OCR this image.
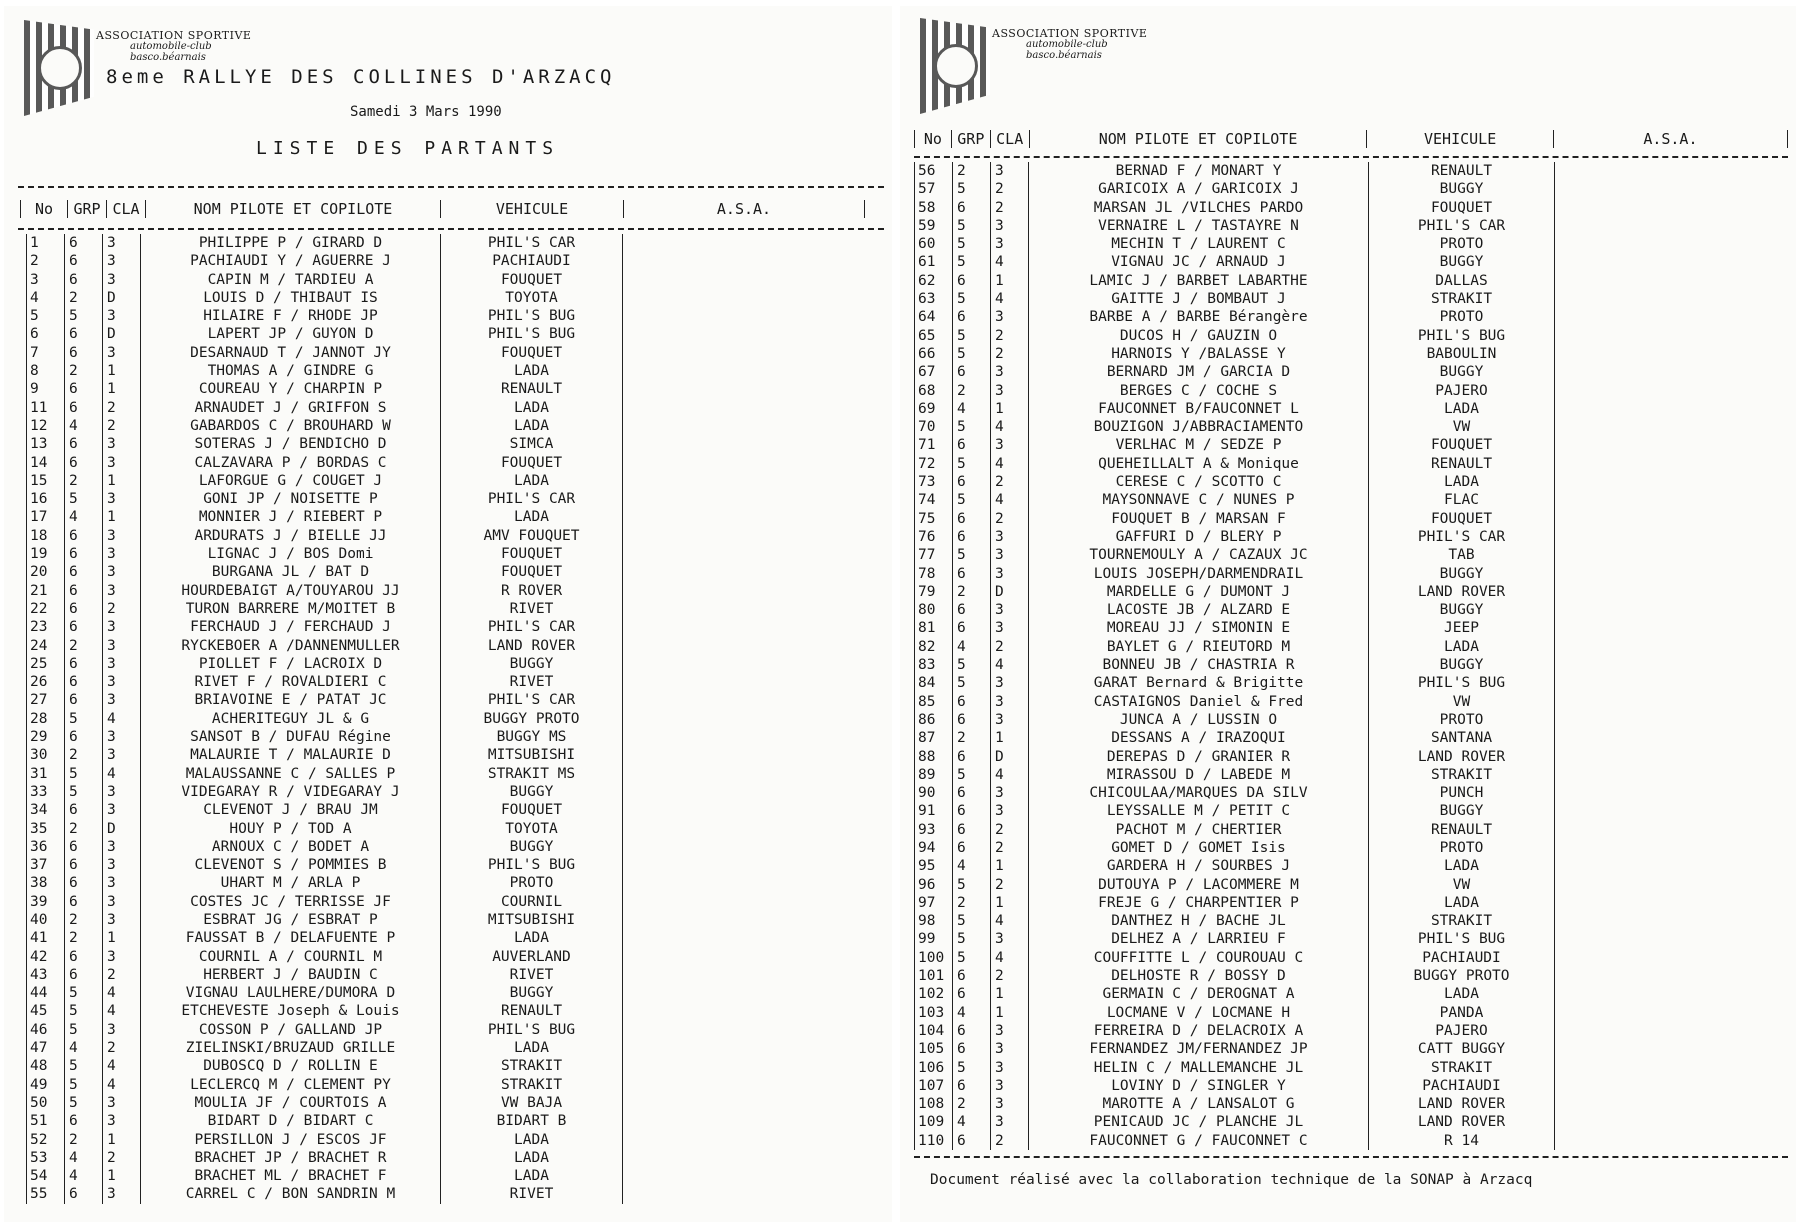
ASSOCIATION SPORTIVE
automobile-club
basco.béarnais
8eme RALLYE DES COLLINES D'ARZACQ
Samedi 3 Mars 1990
LISTE DES PARTANTS
No	GRP CLA	NOM PILOTE ET COPILOTE	VEHICULE	A.S.A.
1	6	3	PHILIPPE P / GIRARD D	PHIL'S CAR	
2	6	3	PACHIAUDI Y / AGUERRE J	PACHIAUDI	
3	6	3	CAPIN M / TARDIEU A	FOUQUET	
4	2	D	LOUIS D / THIBAUT IS	TOYOTA	
5	5	3	HILAIRE F / RHODE JP	PHIL'S BUG	
6	6	D	LAPERT JP / GUYON D	PHIL'S BUG	
7	6	3	DESARNAUD T / JANNOT JY	FOUQUET	
8	2	1	THOMAS A / GINDRE G	LADA	
9	6	1	COUREAU Y / CHARPIN P	RENAULT	
11	6	2	ARNAUDET J / GRIFFON S	LADA	
12	4	2	GABARDOS C / BROUHARD W	LADA	
13	6	3	SOTERAS J / BENDICHO D	SIMCA	
14	6	3	CALZAVARA P / BORDAS C	FOUQUET	
15	2	1	LAFORGUE G / COUGET J	LADA	
16	5	3	GONI JP / NOISETTE P	PHIL'S CAR	
17	4	1	MONNIER J / RIEBERT P	LADA	
18	6	3	ARDURATS J / BIELLE JJ	AMV FOUQUET	
19	6	3	LIGNAC J / BOS Domi	FOUQUET	
20	6	3	BURGANA JL / BAT D	FOUQUET	
21	6	3	HOURDEBAIGT A/TOUYAROU JJ	R ROVER	
22	6	2	TURON BARRERE M/MOITET B	RIVET	
23	6	3	FERCHAUD J / FERCHAUD J	PHIL'S CAR	
24	2	3	RYCKEBOER A /DANNENMULLER	LAND ROVER	
25	6	3	PIOLLET F / LACROIX D	BUGGY	
26	6	3	RIVET F / ROVALDIERI C	RIVET	
27	6	3	BRIAVOINE E / PATAT JC	PHIL'S CAR	
28	5	4	ACHERITEGUY JL & G	BUGGY PROTO	
29	6	3	SANSOT B / DUFAU Régine	BUGGY MS	
30	2	3	MALAURIE T / MALAURIE D	MITSUBISHI	
31	5	4	MALAUSSANNE C / SALLES P	STRAKIT MS	
33	5	3	VIDEGARAY R / VIDEGARAY J	BUGGY	
34	6	3	CLEVENOT J / BRAU JM	FOUQUET	
35	2	D	HOUY P / TOD A	TOYOTA	
36	6	3	ARNOUX C / BODET A	BUGGY	
37	6	3	CLEVENOT S / POMMIES B	PHIL'S BUG	
38	6	3	UHART M / ARLA P	PROTO	
39	6	3	COSTES JC / TERRISSE JF	COURNIL	
40	2	3	ESBRAT JG / ESBRAT P	MITSUBISHI	
41	2	1	FAUSSAT B / DELAFUENTE P	LADA	
42	6	3	COURNIL A / COURNIL M	AUVERLAND	
43	6	2	HERBERT J / BAUDIN C	RIVET	
44	5	4	VIGNAU LAULHERE/DUMORA D	BUGGY	
45	5	4	ETCHEVESTE Joseph & Louis	RENAULT	
46	5	3	COSSON P / GALLAND JP	PHIL'S BUG	
47	4	2	ZIELINSKI/BRUZAUD GRILLE	LADA	
48	5	4	DUBOSCQ D / ROLLIN E	STRAKIT	
49	5	4	LECLERCQ M / CLEMENT PY	STRAKIT	
50	5	3	MOULIA JF / COURTOIS A	VW BAJA	
51	6	3	BIDART D / BIDART C	BIDART B	
52	2	1	PERSILLON J / ESCOS JF	LADA	
53	4	2	BRACHET JP / BRACHET R	LADA	
54	4	1	BRACHET ML / BRACHET F	LADA	
55	6	3	CARREL C / BON SANDRIN M	RIVET	
ASSOCIATION SPORTIVE
automobile-club
basco.béarnais
No	GRP CLA	NOM PILOTE ET COPILOTE	VEHICULE	A.S.A.
56	2	3	BERNAD F / MONART Y	RENAULT	
57	5	2	GARICOIX A / GARICOIX J	BUGGY	
58	6	2	MARSAN JL /VILCHES PARDO	FOUQUET	
59	5	3	VERNAIRE L / TASTAYRE N	PHIL'S CAR	
60	5	3	MECHIN T / LAURENT C	PROTO	
61	5	4	VIGNAU JC / ARNAUD J	BUGGY	
62	6	1	LAMIC J / BARBET LABARTHE	DALLAS	
63	5	4	GAITTE J / BOMBAUT J	STRAKIT	
64	6	3	BARBE A / BARBE Bérangère	PROTO	
65	5	2	DUCOS H / GAUZIN O	PHIL'S BUG	
66	5	2	HARNOIS Y /BALASSE Y	BABOULIN	
67	6	3	BERNARD JM / GARCIA D	BUGGY	
68	2	3	BERGES C / COCHE S	PAJERO	
69	4	1	FAUCONNET B/FAUCONNET L	LADA	
70	5	4	BOUZIGON J/ABBRACIAMENTO	VW	
71	6	3	VERLHAC M / SEDZE P	FOUQUET	
72	5	4	QUEHEILLALT A & Monique	RENAULT	
73	6	2	CERESE C / SCOTTO C	LADA	
74	5	4	MAYSONNAVE C / NUNES P	FLAC	
75	6	2	FOUQUET B / MARSAN F	FOUQUET	
76	6	3	GAFFURI D / BLERY P	PHIL'S CAR	
77	5	3	TOURNEMOULY A / CAZAUX JC	TAB	
78	6	3	LOUIS JOSEPH/DARMENDRAIL	BUGGY	
79	2	D	MARDELLE G / DUMONT J	LAND ROVER	
80	6	3	LACOSTE JB / ALZARD E	BUGGY	
81	6	3	MOREAU JJ / SIMONIN E	JEEP	
82	4	2	BAYLET G / RIEUTORD M	LADA	
83	5	4	BONNEU JB / CHASTRIA R	BUGGY	
84	5	3	GARAT Bernard & Brigitte	PHIL'S BUG	
85	6	3	CASTAIGNOS Daniel & Fred	VW	
86	6	3	JUNCA A / LUSSIN O	PROTO	
87	2	1	DESSANS A / IRAZOQUI	SANTANA	
88	6	D	DEREPAS D / GRANIER R	LAND ROVER	
89	5	4	MIRASSOU D / LABEDE M	STRAKIT	
90	6	3	CHICOULAA/MARQUES DA SILV	PUNCH	
91	6	3	LEYSSALLE M / PETIT C	BUGGY	
93	6	2	PACHOT M / CHERTIER	RENAULT	
94	6	2	GOMET D / GOMET Isis	PROTO	
95	4	1	GARDERA H / SOURBES J	LADA	
96	5	2	DUTOUYA P / LACOMMERE M	VW	
97	2	1	FREJE G / CHARPENTIER P	LADA	
98	5	4	DANTHEZ H / BACHE JL	STRAKIT	
99	5	3	DELHEZ A / LARRIEU F	PHIL'S BUG	
100	5	4	COUFFITTE L / COUROUAU C	PACHIAUDI	
101	6	2	DELHOSTE R / BOSSY D	BUGGY PROTO	
102	6	1	GERMAIN C / DEROGNAT A	LADA	
103	4	1	LOCMANE V / LOCMANE H	PANDA	
104	6	3	FERREIRA D / DELACROIX A	PAJERO	
105	6	3	FERNANDEZ JM/FERNANDEZ JP	CATT BUGGY	
106	5	3	HELIN C / MALLEMANCHE JL	STRAKIT	
107	6	3	LOVINY D / SINGLER Y	PACHIAUDI	
108	2	3	MAROTTE A / LANSALOT G	LAND ROVER	
109	4	3	PENICAUD JC / PLANCHE JL	LAND ROVER	
110	6	2	FAUCONNET G / FAUCONNET C	R 14	
Document réalisé avec la collaboration technique de la SONAP à Arzacq
